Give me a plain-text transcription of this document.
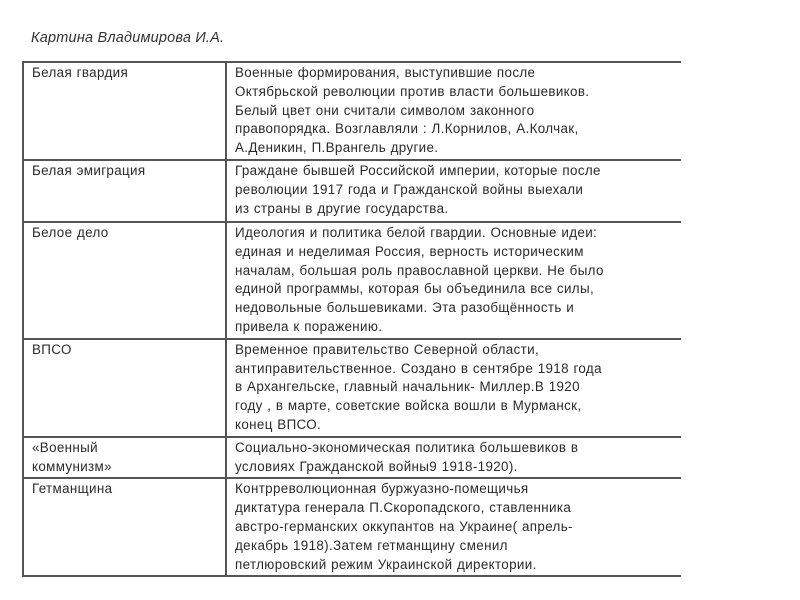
Картина Владимирова И.А.
Белая гвардия	Военные формирования, выступившие после
Октябрьской революции против власти большевиков.
Белый цвет они считали символом законного
правопорядка. Возглавляли : Л.Корнилов, А.Колчак,
А.Деникин, П.Врангель другие.

Белая эмиграция	Граждане бывшей Российской империи, которые после
революции 1917 года и Гражданской войны выехали
из страны в другие государства.

Белое дело	Идеология и политика белой гвардии. Основные идеи:
единая и неделимая Россия, верность историческим
началам, большая роль православной церкви. Не было
единой программы, которая бы объединила все силы,
недовольные большевиками. Эта разобщённость и
привела к поражению.

ВПСО	Временное правительство Северной области,
антиправительственное. Создано в сентябре 1918 года
в Архангельске, главный начальник- Миллер.В 1920
году , в марте, советские войска вошли в Мурманск,
конец ВПСО.

«Военный
коммунизм»	Социально-экономическая политика большевиков в
условиях Гражданской войны9 1918-1920).

Гетманщина	Контрреволюционная буржуазно-помещичья
диктатура генерала П.Скоропадского, ставленника
австро-германских оккупантов на Украине( апрель-
декабрь 1918).Затем гетманщину сменил
петлюровский режим Украинской директории.
